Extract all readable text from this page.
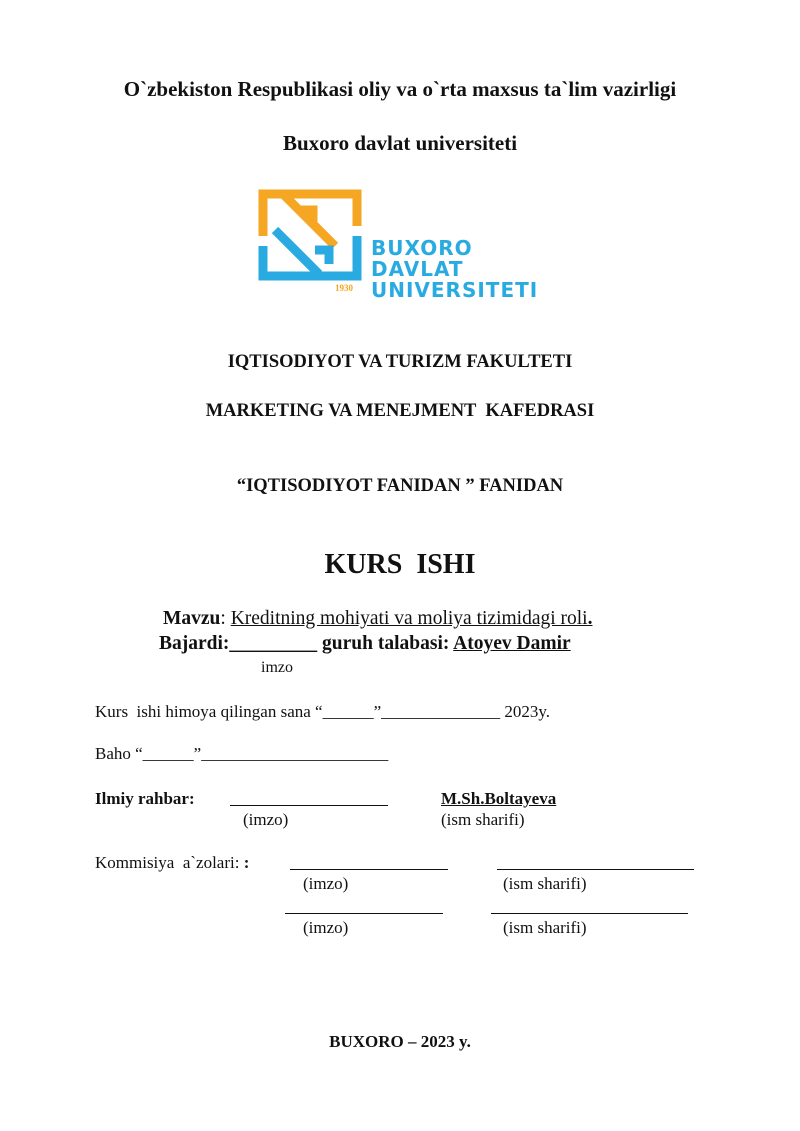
O`zbekiston Respublikasi oliy va o`rta maxsus ta`lim vazirligi
Buxoro davlat universiteti
BUXORO
DAVLAT
UNIVERSITETI
1930
IQTISODIYOT VA TURIZM FAKULTETI
MARKETING VA MENEJMENT  KAFEDRASI
“IQTISODIYOT FANIDAN ” FANIDAN
KURS  ISHI
Mavzu: Kreditning mohiyati va moliya tizimidagi roli.
Bajardi:_________ guruh talabasi: Atoyev Damir
imzo
Kurs  ishi himoya qilingan sana “______”______________ 2023y.
Baho “______”______________________
Ilmiy rahbar:	M.Sh.Boltayeva
(imzo)	(ism sharifi)
Kommisiya  a`zolari: :
(imzo)	(ism sharifi)
(imzo)	(ism sharifi)
BUXORO – 2023 y.
